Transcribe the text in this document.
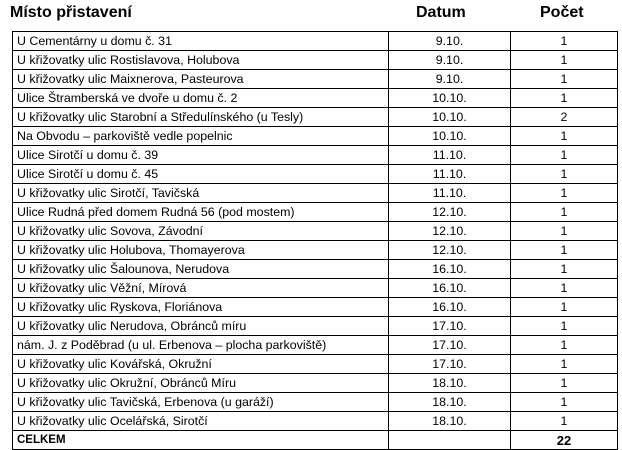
Místo přistavení	Datum	Počet
U Cementárny u domu č. 31	9.10.	1
U křižovatky ulic Rostislavova, Holubova	9.10.	1
U křižovatky ulic Maixnerova, Pasteurova	9.10.	1
Ulice Štramberská ve dvoře u domu č. 2	10.10.	1
U křižovatky ulic Starobní a Středulínského (u Tesly)	10.10.	2
Na Obvodu – parkoviště vedle popelnic	10.10.	1
Ulice Sirotčí u domu č. 39	11.10.	1
Ulice Sirotčí u domu č. 45	11.10.	1
U křižovatky ulic Sirotčí, Tavičská	11.10.	1
Ulice Rudná před domem Rudná 56 (pod mostem)	12.10.	1
U křižovatky ulic Sovova, Závodní	12.10.	1
U křižovatky ulic Holubova, Thomayerova	12.10.	1
U křižovatky ulic Šalounova, Nerudova	16.10.	1
U křižovatky ulic Věžní, Mírová	16.10.	1
U křižovatky ulic Ryskova, Floriánova	16.10.	1
U křižovatky ulic Nerudova, Obránců míru	17.10.	1
nám. J. z Poděbrad (u ul. Erbenova – plocha parkoviště)	17.10.	1
U křižovatky ulic Kovářská, Okružní	17.10.	1
U křižovatky ulic Okružní, Obránců Míru	18.10.	1
U křižovatky ulic Tavičská, Erbenova (u garáží)	18.10.	1
U křižovatky ulic Ocelářská, Sirotčí	18.10.	1
CELKEM		22
